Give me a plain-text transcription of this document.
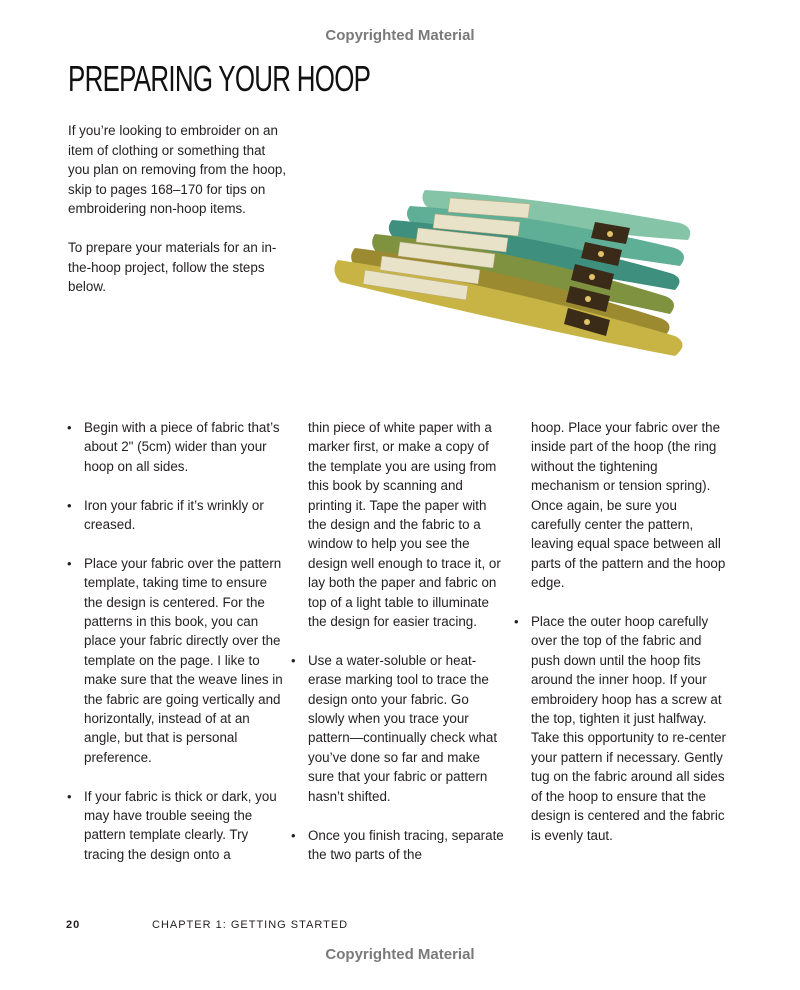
Copyrighted Material
PREPARING YOUR HOOP

If you’re looking to embroider on an item of clothing or something that you plan on removing from the hoop, skip to pages 168–170 for tips on embroidering non-hoop items.

To prepare your materials for an in-the-hoop project, follow the steps below.

• Begin with a piece of fabric that’s about 2" (5cm) wider than your hoop on all sides.
• Iron your fabric if it’s wrinkly or creased.
• Place your fabric over the pattern template, taking time to ensure the design is centered. For the patterns in this book, you can place your fabric directly over the template on the page. I like to make sure that the weave lines in the fabric are going vertically and horizontally, instead of at an angle, but that is personal preference.
• If your fabric is thick or dark, you may have trouble seeing the pattern template clearly. Try tracing the design onto a

thin piece of white paper with a marker first, or make a copy of the template you are using from this book by scanning and printing it. Tape the paper with the design and the fabric to a window to help you see the design well enough to trace it, or lay both the paper and fabric on top of a light table to illuminate the design for easier tracing.

• Use a water-soluble or heat-erase marking tool to trace the design onto your fabric. Go slowly when you trace your pattern—continually check what you’ve done so far and make sure that your fabric or pattern hasn’t shifted.
• Once you finish tracing, separate the two parts of the

hoop. Place your fabric over the inside part of the hoop (the ring without the tightening mechanism or tension spring). Once again, be sure you carefully center the pattern, leaving equal space between all parts of the pattern and the hoop edge.

• Place the outer hoop carefully over the top of the fabric and push down until the hoop fits around the inner hoop. If your embroidery hoop has a screw at the top, tighten it just halfway. Take this opportunity to re-center your pattern if necessary. Gently tug on the fabric around all sides of the hoop to ensure that the design is centered and the fabric is evenly taut.
20	CHAPTER 1: GETTING STARTED
Copyrighted Material
